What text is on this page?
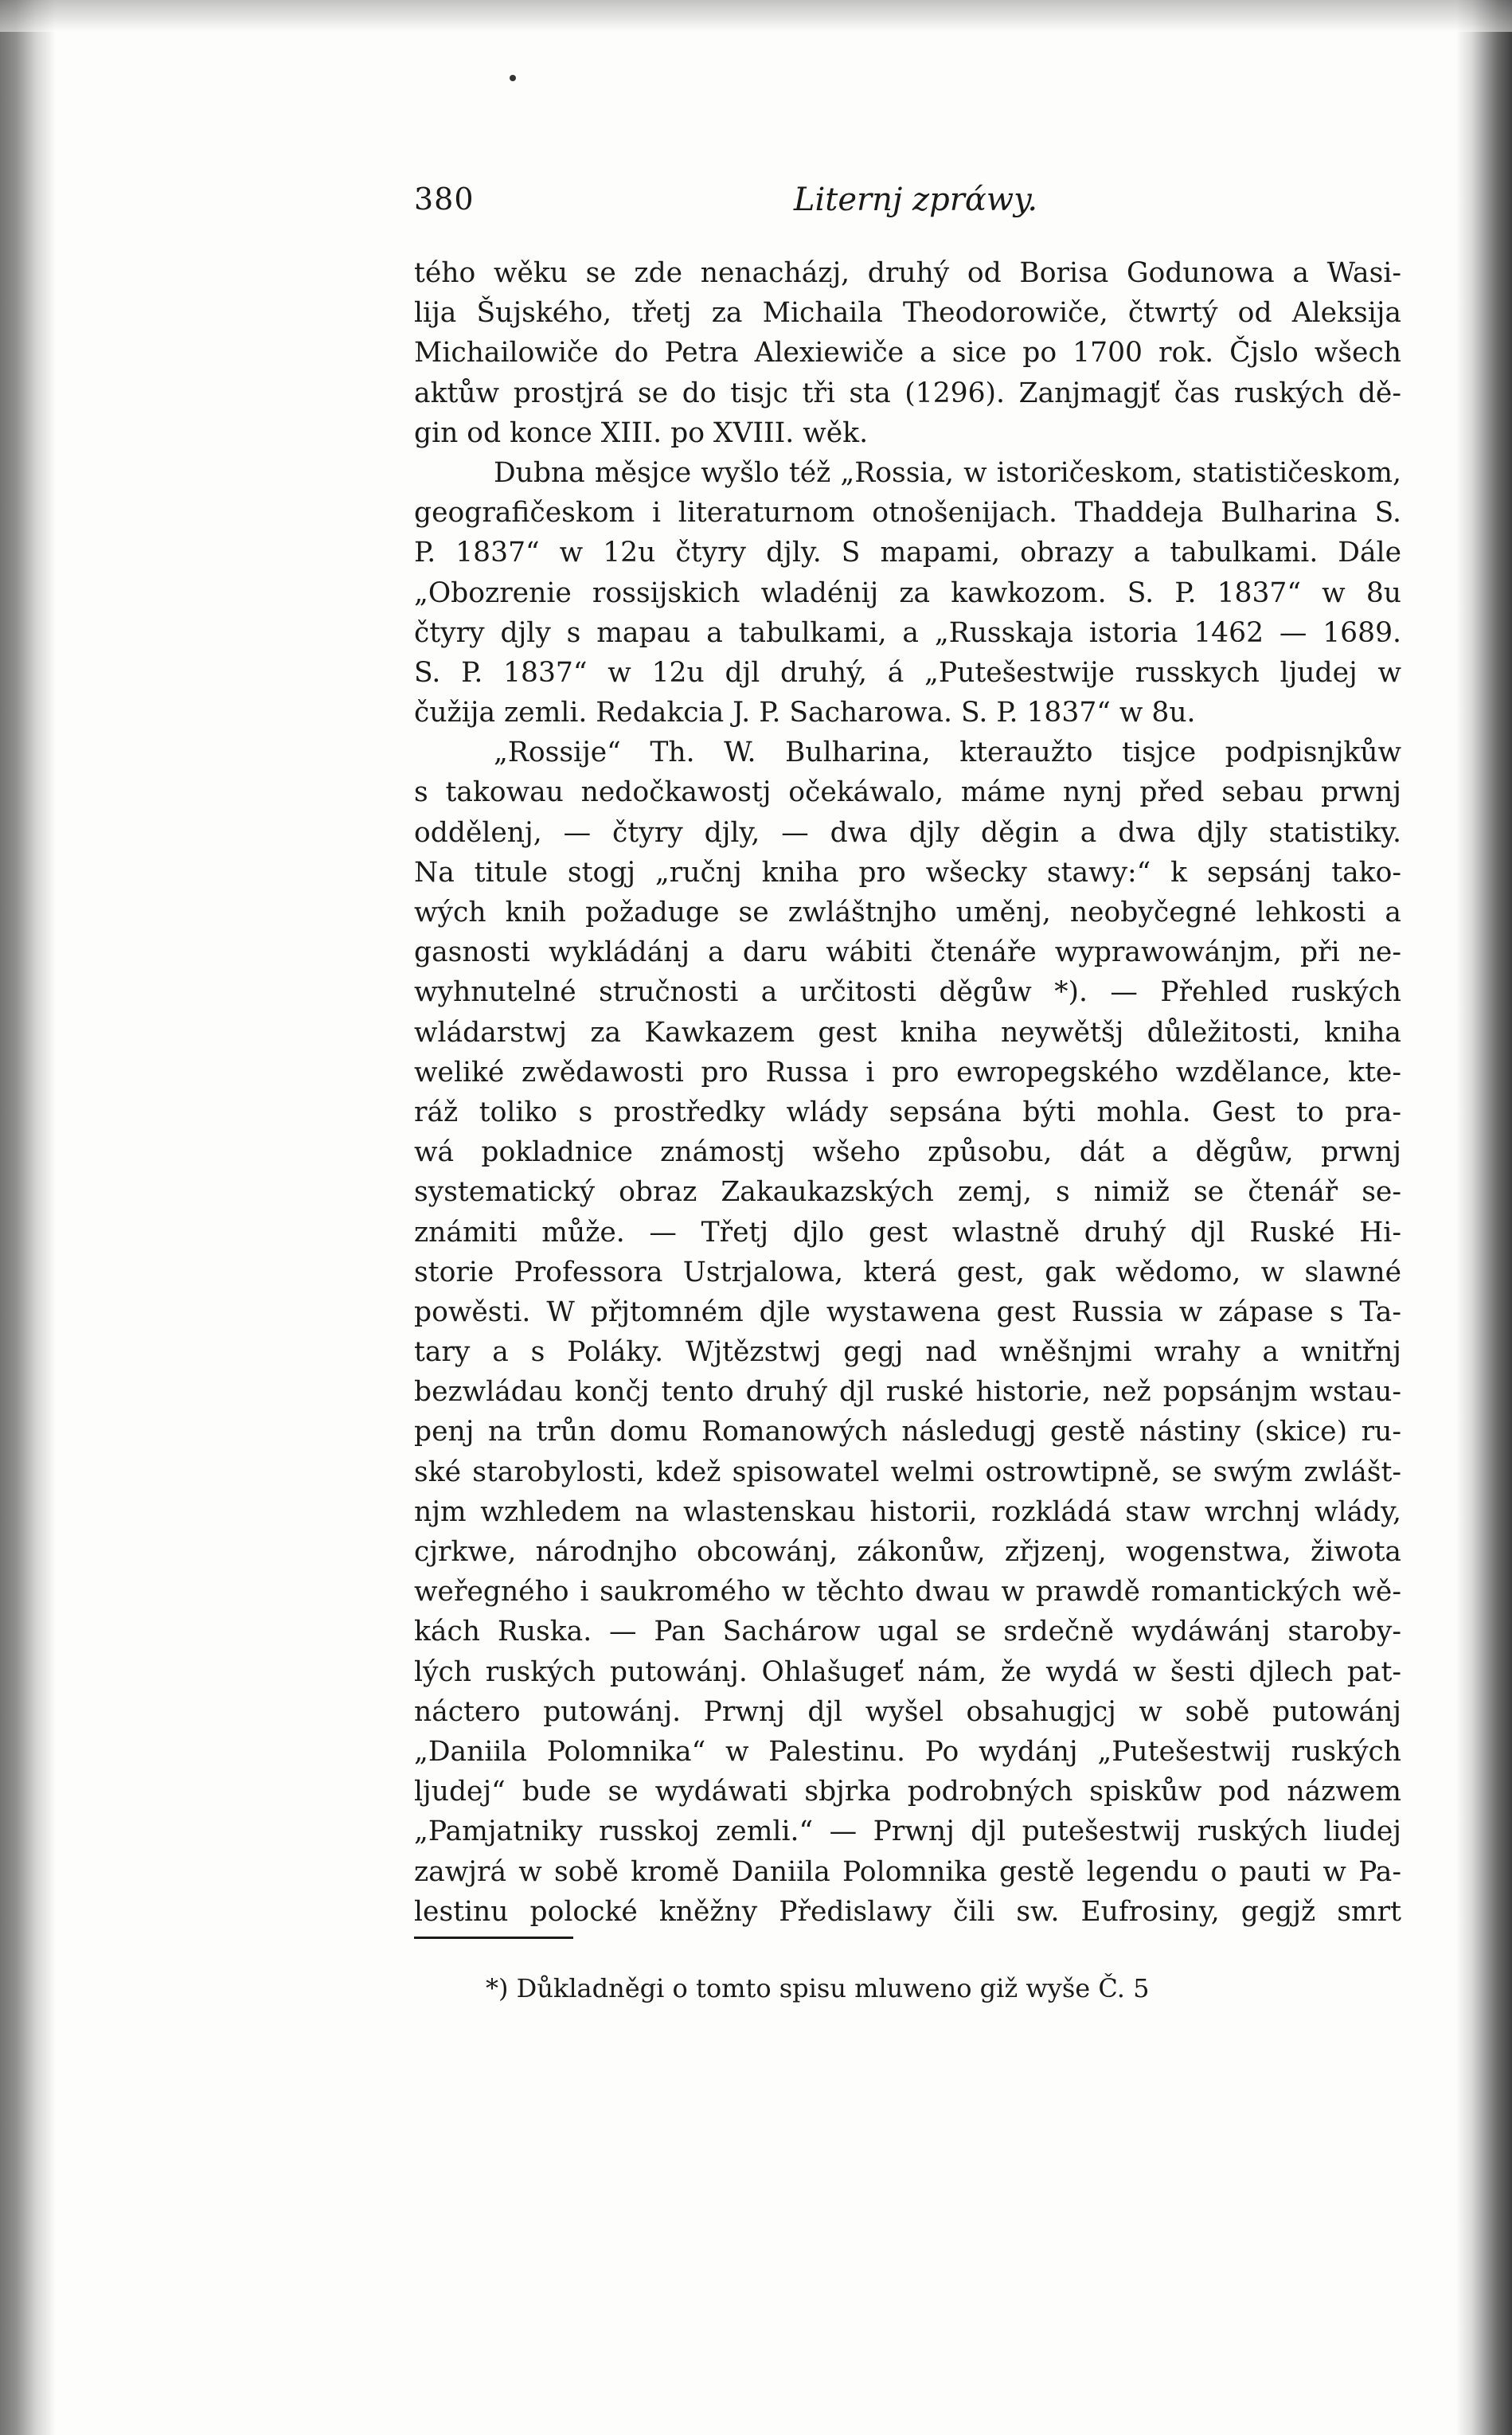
380	Liternj zprάwy.
tého wěku se zde nenacházj, druhý od Borisa Godunowa a Wasi-
lija Šujského, třetj za Michaila Theodorowiče, čtwrtý od Aleksija
Michailowiče do Petra Alexiewiče a sice po 1700 rok. Čjslo wšech
aktůw prostjrá se do tisjc tři sta (1296). Zanjmagjť čas ruských dě-
gin od konce XIII. po XVIII. wěk.
Dubna měsjce wyšlo též „Rossia, w istoričeskom, statističeskom,
geografičeskom i literaturnom otnošenijach. Thaddeja Bulharina S.
P. 1837“ w 12u čtyry djly. S mapami, obrazy a tabulkami. Dále
„Obozrenie rossijskich wladénij za kawkozom. S. P. 1837“ w 8u
čtyry djly s mapau a tabulkami, a „Russkaja istoria 1462 — 1689.
S. P. 1837“ w 12u djl druhý, á „Putešestwije russkych ljudej w
čužija zemli. Redakcia J. P. Sacharowa. S. P. 1837“ w 8u.
„Rossije“ Th. W. Bulharina, kteraužto tisjce podpisnjkůw
s takowau nedočkawostj očekáwalo, máme nynj před sebau prwnj
oddělenj, — čtyry djly, — dwa djly děgin a dwa djly statistiky.
Na titule stogj „ručnj kniha pro wšecky stawy:“ k sepsánj tako-
wých knih požaduge se zwláštnjho uměnj, neobyčegné lehkosti a
gasnosti wykládánj a daru wábiti čtenáře wyprawowánjm, při ne-
wyhnutelné stručnosti a určitosti děgůw *). — Přehled ruských
wládarstwj za Kawkazem gest kniha neywětšj důležitosti, kniha
weliké zwědawosti pro Russa i pro ewropegského wzdělance, kte-
ráž toliko s prostředky wlády sepsána býti mohla. Gest to pra-
wá pokladnice známostj wšeho způsobu, dát a děgůw, prwnj
systematický obraz Zakaukazských zemj, s nimiž se čtenář se-
známiti může. — Třetj djlo gest wlastně druhý djl Ruské Hi-
storie Professora Ustrjalowa, která gest, gak wědomo, w slawné
powěsti. W přjtomném djle wystawena gest Russia w zápase s Ta-
tary a s Poláky. Wjtězstwj gegj nad wněšnjmi wrahy a wnitřnj
bezwládau končj tento druhý djl ruské historie, než popsánjm wstau-
penj na trůn domu Romanowých následugj gestě nástiny (skice) ru-
ské starobylosti, kdež spisowatel welmi ostrowtipně, se swým zwlášt-
njm wzhledem na wlastenskau historii, rozkládá staw wrchnj wlády,
cjrkwe, národnjho obcowánj, zákonůw, zřjzenj, wogenstwa, žiwota
weřegného i saukromého w těchto dwau w prawdě romantických wě-
kách Ruska. — Pan Sachárow ugal se srdečně wydáwánj staroby-
lých ruských putowánj. Ohlašugeť nám, že wydá w šesti djlech pat-
náctero putowánj. Prwnj djl wyšel obsahugjcj w sobě putowánj
„Daniila Polomnika“ w Palestinu. Po wydánj „Putešestwij ruských
ljudej“ bude se wydáwati sbjrka podrobných spiskůw pod názwem
„Pamjatniky russkoj zemli.“ — Prwnj djl putešestwij ruských liudej
zawjrá w sobě kromě Daniila Polomnika gestě legendu o pauti w Pa-
lestinu polocké kněžny Předislawy čili sw. Eufrosiny, gegjž smrt
*) Důkladněgi o tomto spisu mluweno giž wyše Č. 5
